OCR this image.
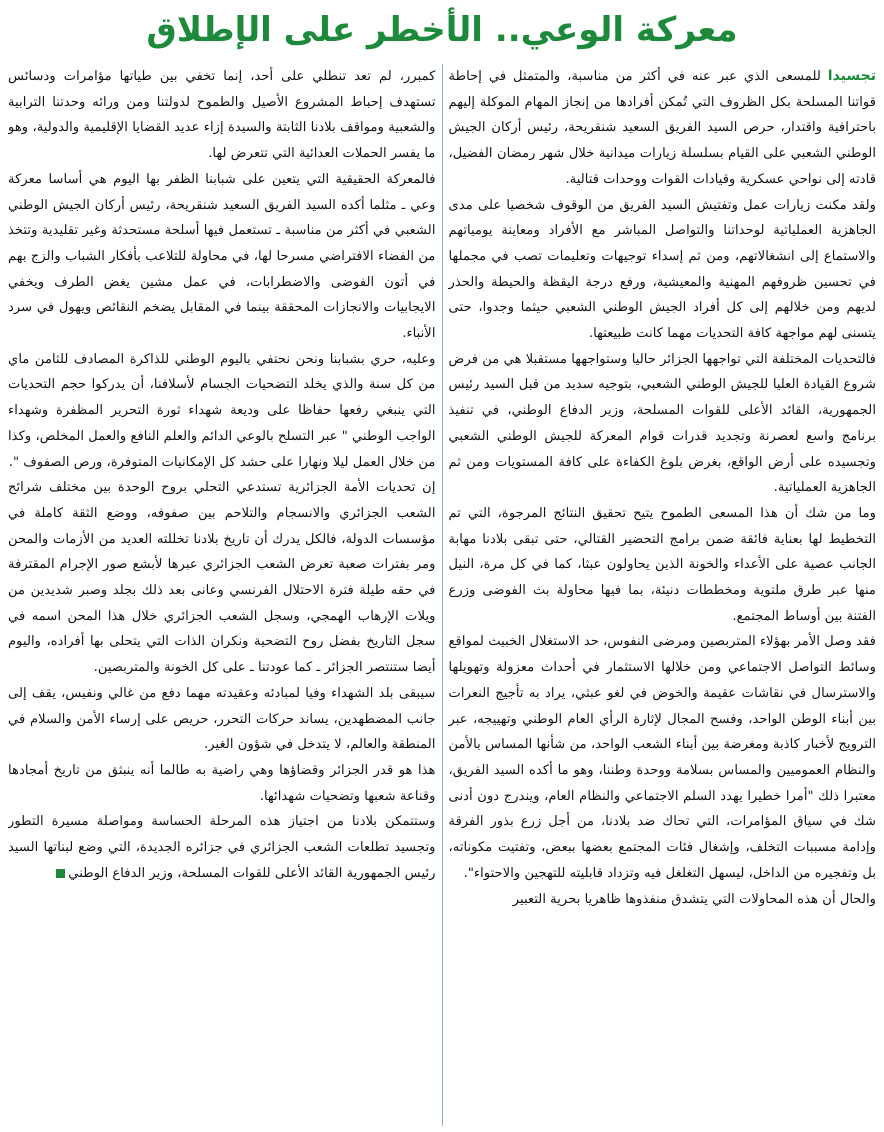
معركة الوعي.. الأخطر على الإطلاق

تجسيدا للمسعى الذي عبر عنه في أكثر من مناسبة، والمتمثل في إحاطة قواتنا المسلحة بكل الظروف التي تُمكن أفرادها من إنجاز المهام الموكلة إليهم باحترافية واقتدار، حرص السيد الفريق السعيد شنقريحة، رئيس أركان الجيش الوطني الشعبي على القيام بسلسلة زيارات ميدانية خلال شهر رمضان الفضيل، قادته إلى نواحي عسكرية وقيادات القوات ووحدات قتالية.

ولقد مكنت زيارات عمل وتفتيش السيد الفريق من الوقوف شخصيا على مدى الجاهزية العملياتية لوحداتنا والتواصل المباشر مع الأفراد ومعاينة يومياتهم والاستماع إلى انشغالاتهم، ومن ثم إسداء توجيهات وتعليمات تصب في مجملها في تحسين ظروفهم المهنية والمعيشية، ورفع درجة اليقظة والحيطة والحذر لديهم ومن خلالهم إلى كل أفراد الجيش الوطني الشعبي حيثما وجدوا، حتى يتسنى لهم مواجهة كافة التحديات مهما كانت طبيعتها.

فالتحديات المختلفة التي تواجهها الجزائر حاليا وستواجهها مستقبلا هي من فرض شروع القيادة العليا للجيش الوطني الشعبي، بتوجيه سديد من قبل السيد رئيس الجمهورية، القائد الأعلى للقوات المسلحة، وزير الدفاع الوطني، في تنفيذ برنامج واسع لعصرنة وتجديد قدرات قوام المعركة للجيش الوطني الشعبي وتجسيده على أرض الواقع، بغرض بلوغ الكفاءة على كافة المستويات ومن ثم الجاهزية العملياتية.

وما من شك أن هذا المسعى الطموح يتيح تحقيق النتائج المرجوة، التي تم التخطيط لها بعناية فائقة ضمن برامج التحضير القتالي، حتى تبقى بلادنا مهابة الجانب عصية على الأعداء والخونة الذين يحاولون عبثا، كما في كل مرة، النيل منها عبر طرق ملتوية ومخططات دنيئة، بما فيها محاولة بث الفوضى وزرع الفتنة بين أوساط المجتمع.

فقد وصل الأمر بهؤلاء المتربصين ومرضى النفوس، حد الاستغلال الخبيث لمواقع وسائط التواصل الاجتماعي ومن خلالها الاستثمار في أحداث معزولة وتهويلها والاسترسال في نقاشات عقيمة والخوض في لغو عبثي، يراد به تأجيج النعرات بين أبناء الوطن الواحد، وفسح المجال لإثارة الرأي العام الوطني وتهييجه، عبر الترويج لأخبار كاذبة ومغرضة بين أبناء الشعب الواحد، من شأنها المساس بالأمن والنظام العموميين والمساس بسلامة ووحدة وطننا، وهو ما أكده السيد الفريق، معتبرا ذلك "أمرا خطيرا يهدد السلم الاجتماعي والنظام العام، ويندرج دون أدنى شك في سياق المؤامرات، التي تحاك ضد بلادنا، من أجل زرع بذور الفرقة وإدامة مسببات التخلف، وإشغال فئات المجتمع بعضها ببعض، وتفتيت مكوناته، بل وتفجيره من الداخل، ليسهل التغلغل فيه وتزداد قابليته للتهجين والاحتواء".

والحال أن هذه المحاولات التي يتشدق منفذوها ظاهريا بحرية التعبير

كمبرر، لم تعد تنطلي على أحد، إنما تخفي بين طياتها مؤامرات ودسائس تستهدف إحباط المشروع الأصيل والطموح لدولتنا ومن ورائه وحدتنا الترابية والشعبية ومواقف بلادنا الثابتة والسيدة إزاء عديد القضايا الإقليمية والدولية، وهو ما يفسر الحملات العدائية التي تتعرض لها.

فالمعركة الحقيقية التي يتعين على شبابنا الظفر بها اليوم هي أساسا معركة وعي ـ مثلما أكده السيد الفريق السعيد شنقريحة، رئيس أركان الجيش الوطني الشعبي في أكثر من مناسبة ـ تستعمل فيها أسلحة مستحدثة وغير تقليدية وتتخذ من الفضاء الافتراضي مسرحا لها، في محاولة للتلاعب بأفكار الشباب والزج بهم في أتون الفوضى والاضطرابات، في عمل مشين يغض الطرف ويخفي الايجابيات والانجازات المحققة بينما في المقابل يضخم النقائص ويهول في سرد الأنباء.

وعليه، حري بشبابنا ونحن نحتفي باليوم الوطني للذاكرة المصادف للثامن ماي من كل سنة والذي يخلد التضحيات الجسام لأسلافنا، أن يدركوا حجم التحديات التي ينبغي رفعها حفاظا على وديعة شهداء ثورة التحرير المظفرة وشهداء الواجب الوطني " عبر التسلح بالوعي الدائم والعلم النافع والعمل المخلص، وكذا من خلال العمل ليلا ونهارا على حشد كل الإمكانيات المتوفرة، ورص الصفوف ".

إن تحديات الأمة الجزائرية تستدعي التحلي بروح الوحدة بين مختلف شرائح الشعب الجزائري والانسجام والتلاحم بين صفوفه، ووضع الثقة كاملة في مؤسسات الدولة، فالكل يدرك أن تاريخ بلادنا تخللته العديد من الأزمات والمحن ومر بفترات صعبة تعرض الشعب الجزائري عبرها لأبشع صور الإجرام المقترفة في حقه طيلة فترة الاحتلال الفرنسي وعانى بعد ذلك بجلد وصبر شديدين من ويلات الإرهاب الهمجي، وسجل الشعب الجزائري خلال هذا المحن اسمه في سجل التاريخ بفضل روح التضحية ونكران الذات التي يتحلى بها أفراده، واليوم أيضا ستنتصر الجزائر ـ كما عودتنا ـ على كل الخونة والمتربصين.

سيبقى بلد الشهداء وفيا لمبادئه وعقيدته مهما دفع من غالي ونفيس، يقف إلى جانب المضطهدين، يساند حركات التحرر، حريص على إرساء الأمن والسلام في المنطقة والعالم، لا يتدخل في شؤون الغير.

هذا هو قدر الجزائر وقضاؤها وهي راضية به طالما أنه ينبثق من تاريخ أمجادها وقناعة شعبها وتضحيات شهدائها.

وستتمكن بلادنا من اجتياز هذه المرحلة الحساسة ومواصلة مسيرة التطور وتجسيد تطلعات الشعب الجزائري في جزائره الجديدة، التي وضع لبناتها السيد رئيس الجمهورية القائد الأعلى للقوات المسلحة، وزير الدفاع الوطني
